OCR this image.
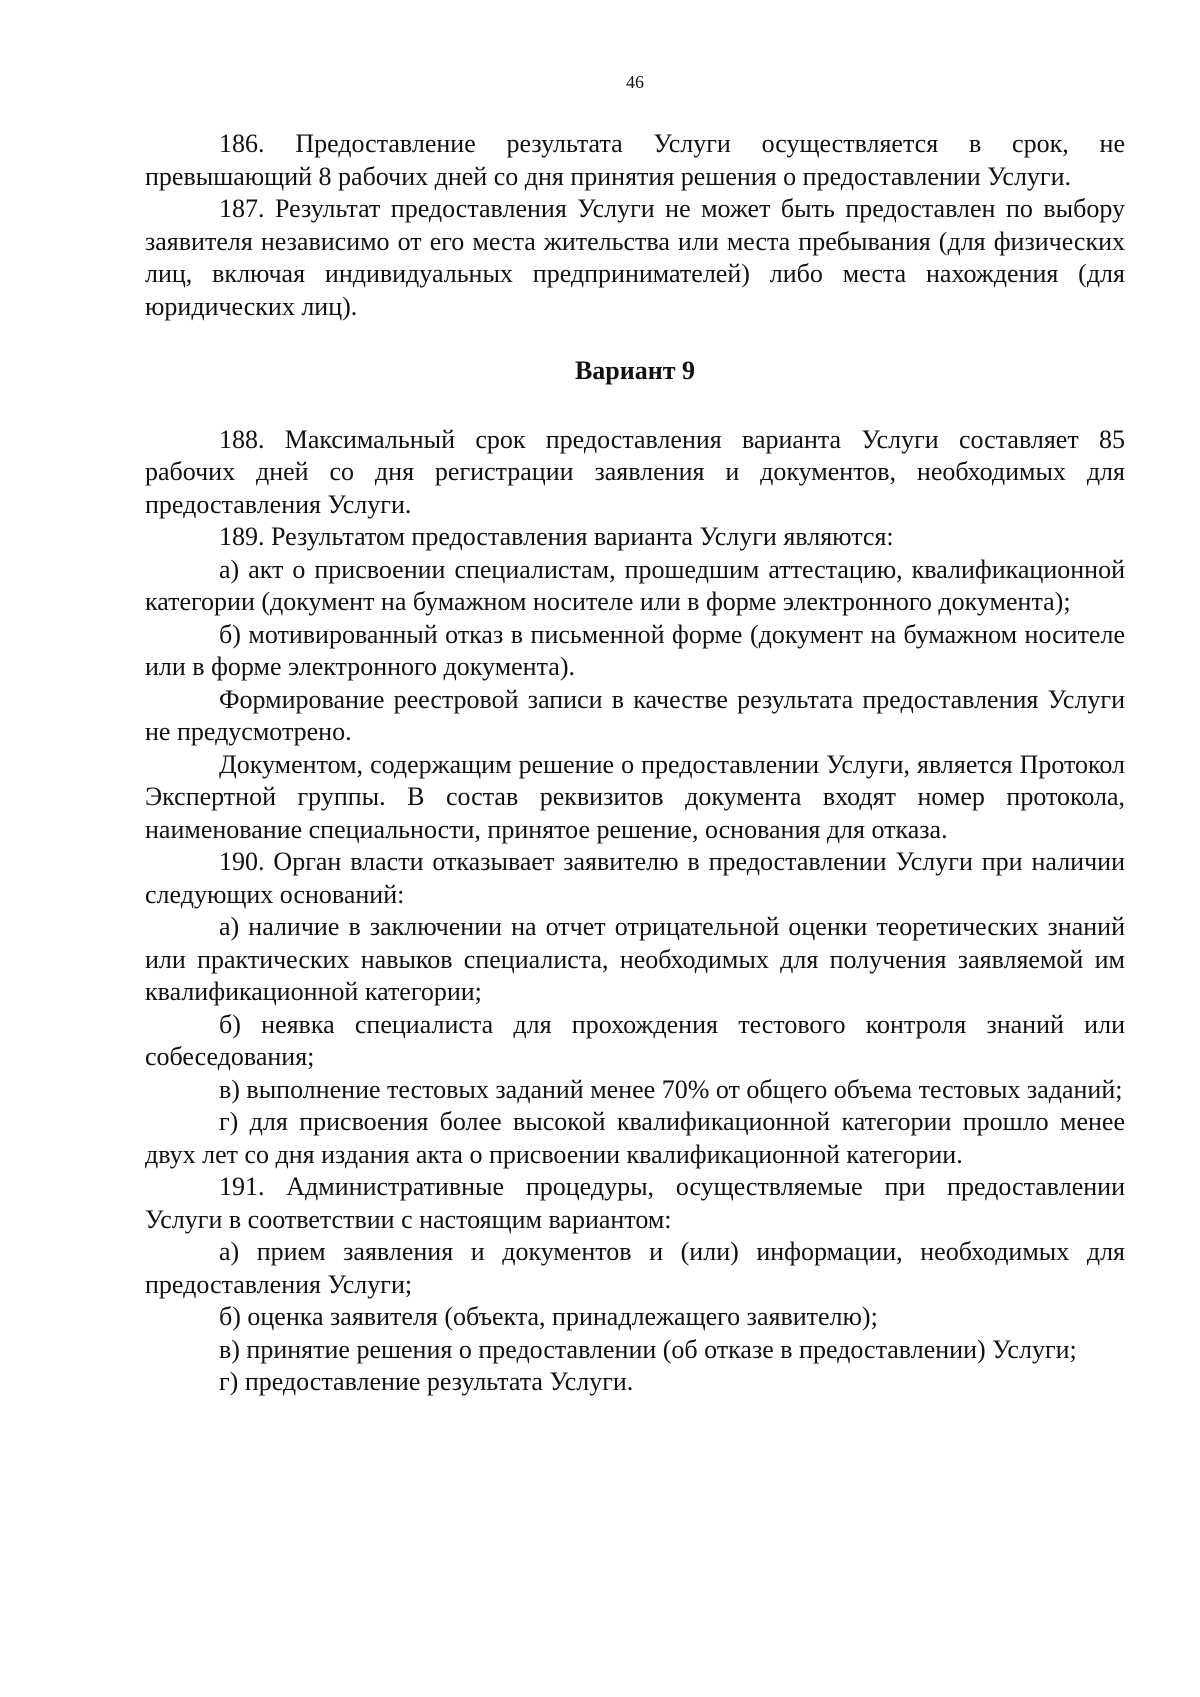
46

186. Предоставление результата Услуги осуществляется в срок, не превышающий 8 рабочих дней со дня принятия решения о предоставлении Услуги.

187. Результат предоставления Услуги не может быть предоставлен по выбору заявителя независимо от его места жительства или места пребывания (для физических лиц, включая индивидуальных предпринимателей) либо места нахождения (для юридических лиц).

Вариант 9

188. Максимальный срок предоставления варианта Услуги составляет 85 рабочих дней со дня регистрации заявления и документов, необходимых для предоставления Услуги.

189. Результатом предоставления варианта Услуги являются:

а) акт о присвоении специалистам, прошедшим аттестацию, квалификационной категории (документ на бумажном носителе или в форме электронного документа);

б) мотивированный отказ в письменной форме (документ на бумажном носителе или в форме электронного документа).

Формирование реестровой записи в качестве результата предоставления Услуги не предусмотрено.

Документом, содержащим решение о предоставлении Услуги, является Протокол Экспертной группы. В состав реквизитов документа входят номер протокола, наименование специальности, принятое решение, основания для отказа.

190. Орган власти отказывает заявителю в предоставлении Услуги при наличии следующих оснований:

а) наличие в заключении на отчет отрицательной оценки теоретических знаний или практических навыков специалиста, необходимых для получения заявляемой им квалификационной категории;

б) неявка специалиста для прохождения тестового контроля знаний или собеседования;

в) выполнение тестовых заданий менее 70% от общего объема тестовых заданий;

г) для присвоения более высокой квалификационной категории прошло менее двух лет со дня издания акта о присвоении квалификационной категории.

191. Административные процедуры, осуществляемые при предоставлении Услуги в соответствии с настоящим вариантом:

а) прием заявления и документов и (или) информации, необходимых для предоставления Услуги;

б) оценка заявителя (объекта, принадлежащего заявителю);

в) принятие решения о предоставлении (об отказе в предоставлении) Услуги;

г) предоставление результата Услуги.
